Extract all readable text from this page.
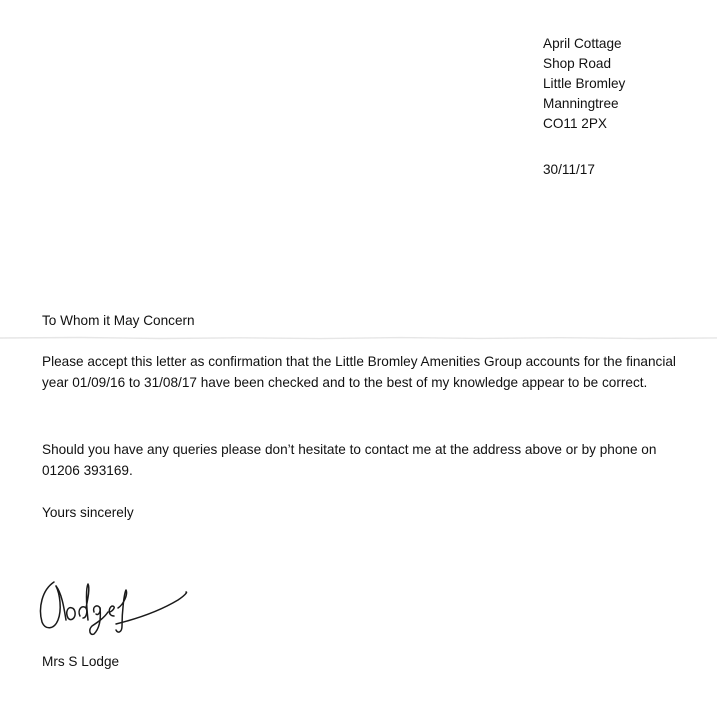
April Cottage
Shop Road
Little Bromley
Manningtree
CO11 2PX
30/11/17
To Whom it May Concern
Please accept this letter as confirmation that the Little Bromley Amenities Group accounts for the financial year 01/09/16 to 31/08/17 have been checked and to the best of my knowledge appear to be correct.
Should you have any queries please don’t hesitate to contact me at the address above or by phone on 01206 393169.
Yours sincerely
Mrs S Lodge
